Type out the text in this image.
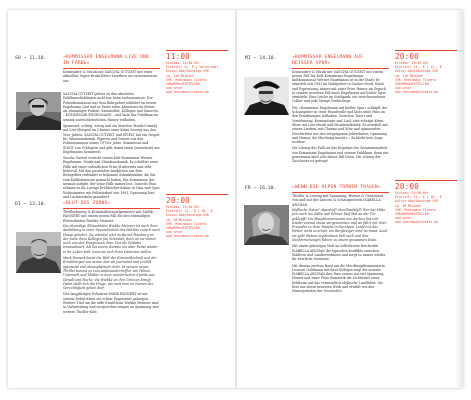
SO – 11.10.	»KOMMISSAR ENGELMANN LIVE UND
IN FARBE«
Krimisatire & Musik mit SASCHA GUTZEIT mit einer aktuellen Super-Krimi-Retro-Liveshow im carlosmusicae aus

SASCHA GUTZEIT gehört zu den absoluten Publikumslieblingen nicht nur beim carlosmusicae. Der Polizeikommissar aus dem Ruhrgebiet schildert im neuen Engelmann Live und in Farbe seine Abenteuer im Revier, als ehemaliger Polizist, Krimineller, Kollegen und Ganoven – KOMMISSAR ENGELMANN – und lässt das Publikum an seinem unerschütterlichen Humor teilhaben.

Spannend, schräg, witzig und ein bisschen Musik-Comedy mit Live-Hörspiel im Charme einer Krimi-Lesung aus den 50er Jahren. SASCHA GUTZEIT und SPIELT hat ein Gespür für Situationskomik, Figuren und Gutzeit aus den Polizeiromanen seiner 1970er Jahre, Kommissar und SINGT von Schlagern und gibt damit einen Querschnitt aus Engelmanns Krimiwelt.

Sascha Gutzeit erweckt seinen Kult-Kommissar Werner Engelmann, Musik und Situationskomik. Er schildert seine Fälle mit einer ordentlichen Prise Mutterwitz und sehr liebevoll. Mit den passenden Anekdoten aus dem Ruhrgebiet verbindet er bekannte Krimiklassiker, die ihn zum Kultkommissar gemacht haben. Ein Kommissar, der niemals aufgibt, der seine Fälle immer löst. Gutzeits Fans rühmen es als Lustige Drehbücher-Krimis in Oma und Opas Wohnzimmer, mit Polizeiarbeit von 1981, Spannung hier und Lachmuskeln garantiert.

11:00
Einlass: 10:30 Uhr
Eintritt: 8,- € | Vorverkauf
Kultur-Abo/Sonstige VVK
ca. 120 Minuten
VVK: Rheinmain Tickets
VORVERKAUFSSTELLEN
und unter
www.rheinmaintickets.de
DI – 13.10.	»BLUT DES ZORNS«
Thrillerlesung & Kriminalhörspielpremiere mit MARK PANNERT mit einem neuen Fall für den ehemaligen Elitesoldaten Wiebke Meineer

Die ehemalige Elitesoldatin Wiebke Meineer ist nach ihrer Ausbildung in einer Spezialeinheit des Militärs zurück nach Hause gekehrt. Sie arbeitet jetzt im Bezirk Hamburg an der Seite ihres Kollegen Jan Schnabel, doch ist sie immer noch von den Ereignissen ihrer Zeit als Soldatin traumatisiert. Als bei einem Einsatz ein alter Feind wieder in ihr Leben tritt, muss sie sich ihren Dämonen stellen.

Mark Pannert kennt die Welt der Kriminaltechnik und der Ermittlungen aus seiner Zeit als Journalist und erzählt spannend und atmosphärisch dicht. In seinem neuen Thriller kommt es zum Aufeinandertreffen von Polizei, Unterwelt und Militär in einer mörderischen Spirale aus Gewalt und Rache, die Wiebke an ihre Grenzen bringt. Dabei stellt sich die Frage, wie weit man im Namen der Gerechtigkeit gehen darf.

Den langjährigen Polizisten MARK PANNERT ist mit seinem Debüt-Krimi ein echter Pageturner gelungen. Weitere Titel um die taffe Ermittlerin Wiebke Meineer sind in Vorbereitung und versprechen einiges an Spannung und weitere Thriller-Kost.

20:00
Einlass: 19:30 Uhr
Eintritt: 12,- € | 10,- €
Kultur-Abo/Sonstige VVK
ca. 90 Minuten
VVK: Rheinmain Tickets
VORVERKAUFSSTELLEN
und unter
www.rheinmaintickets.de
MI – 14.10.	»KOMMISSAR ENGELMANN AUF
HEISSER SPUR«
Krimisatire & Musik mit SASCHA GUTZEIT mit einem neuen Fall für Kult-Kommissar Engelmann

Kultkommissar Werner Engelmann ist in der Stadt! Er ermittelt seit 1981 im Ruhrgebiet in Sachen Mord, Raub und Erpressung, immer mit einer Prise Humor im Gepäck. In seinem neuesten Fall muss Engelmann auf heißer Spur ermitteln: Eine Leiche im Stadtpark, ein verschwundenes Collier und jede Menge Verdächtige.

Für »Kommissar Engelmann auf heißer Spur« schlüpft der Schauspieler in seine Paraderolle und lässt seine Fans an den Ermittlungen teilhaben. Zwischen Tatort und Vernehmung, Kriminologie und Lied: eine schräge Krimi-Show mit Live-Musik und Situationskomik. Er ermittelt mit seinen Liedern, mit Charme und Witz und spannenden Geschichten aus den vergangenen Jahrzehnten. Spannung und Humor, die Mischung macht's – da bleibt kein Auge trocken!

Die Lösung des Falls ist das Ergebnis der Zusammenarbeit von Kommissar Engelmann und seinem Publikum, denn nur gemeinsam lässt sich dieser Fall lösen. Die Lösung der Zuschauer ist gefragt!

20:00
Einlass: 19:30 Uhr
Eintritt: 14,- € | 12,- €
Kultur-Abo/Sonstige VVK
ca. 120 Minuten
VVK: Rheinmain Tickets
VORVERKAUFSSTELLEN
und unter
www.rheinmaintickets.de
FR – 16.10.	»WENN DIE ALPEN TRÄNEN TRAGEN«
Thriller & Lesung mit Spannung, Humor & Gänsehaut von und mit der Autorin & Schauspielerin ISABELLA ARCHAN

Idyllische Natur? Alpenhof? Mordlandidyll! Wer hat Mitte Juni noch bei Kälte und Schnee fünf Mal an der Tür geklopft? Die Hauptkommissarin aus Aachen hat sich wieder einmal etwas vorgenommen und sie fährt mit ihrer Freundin zu ihrer Familie in die Alpen. Leider ist das Wetter nicht so schön, ein Bergsteiger wird vermisst. Auch sie geht diesem mysteriösen Fall nach und ihre Nachforschungen führen zu einem grausamen Ende.

Mit einem gehörigen Maß an Selbstironie beschreibt ISABELLA ARCHAN die typischen Konflikte zwischen Städtern und Landbewohnern und sorgt so immer wieder für herrliche Momente.

Mit diesem zweiten Band um die Mordhauptkommissarin Leonore Goldmann mit ihrer Kollegin zeigt die Autorin ISABELLA ARCHAN ihre Fans erneut mit viel Spannung, Humor und einer Prise Romantik die Sichtweise einer Städterin auf das vermeintlich idyllische Landleben. Sie liest aus ihrem neuesten Werk und erzählt von den Hintergründen der Geschichte.

20:00
Einlass: 19:30 Uhr
Eintritt: 12,- € | 10,- €
Kultur-Abo/Sonstige VVK
ca. 90 Minuten
VVK: Rheinmain Tickets
VORVERKAUFSSTELLEN
und unter
www.rheinmaintickets.de
